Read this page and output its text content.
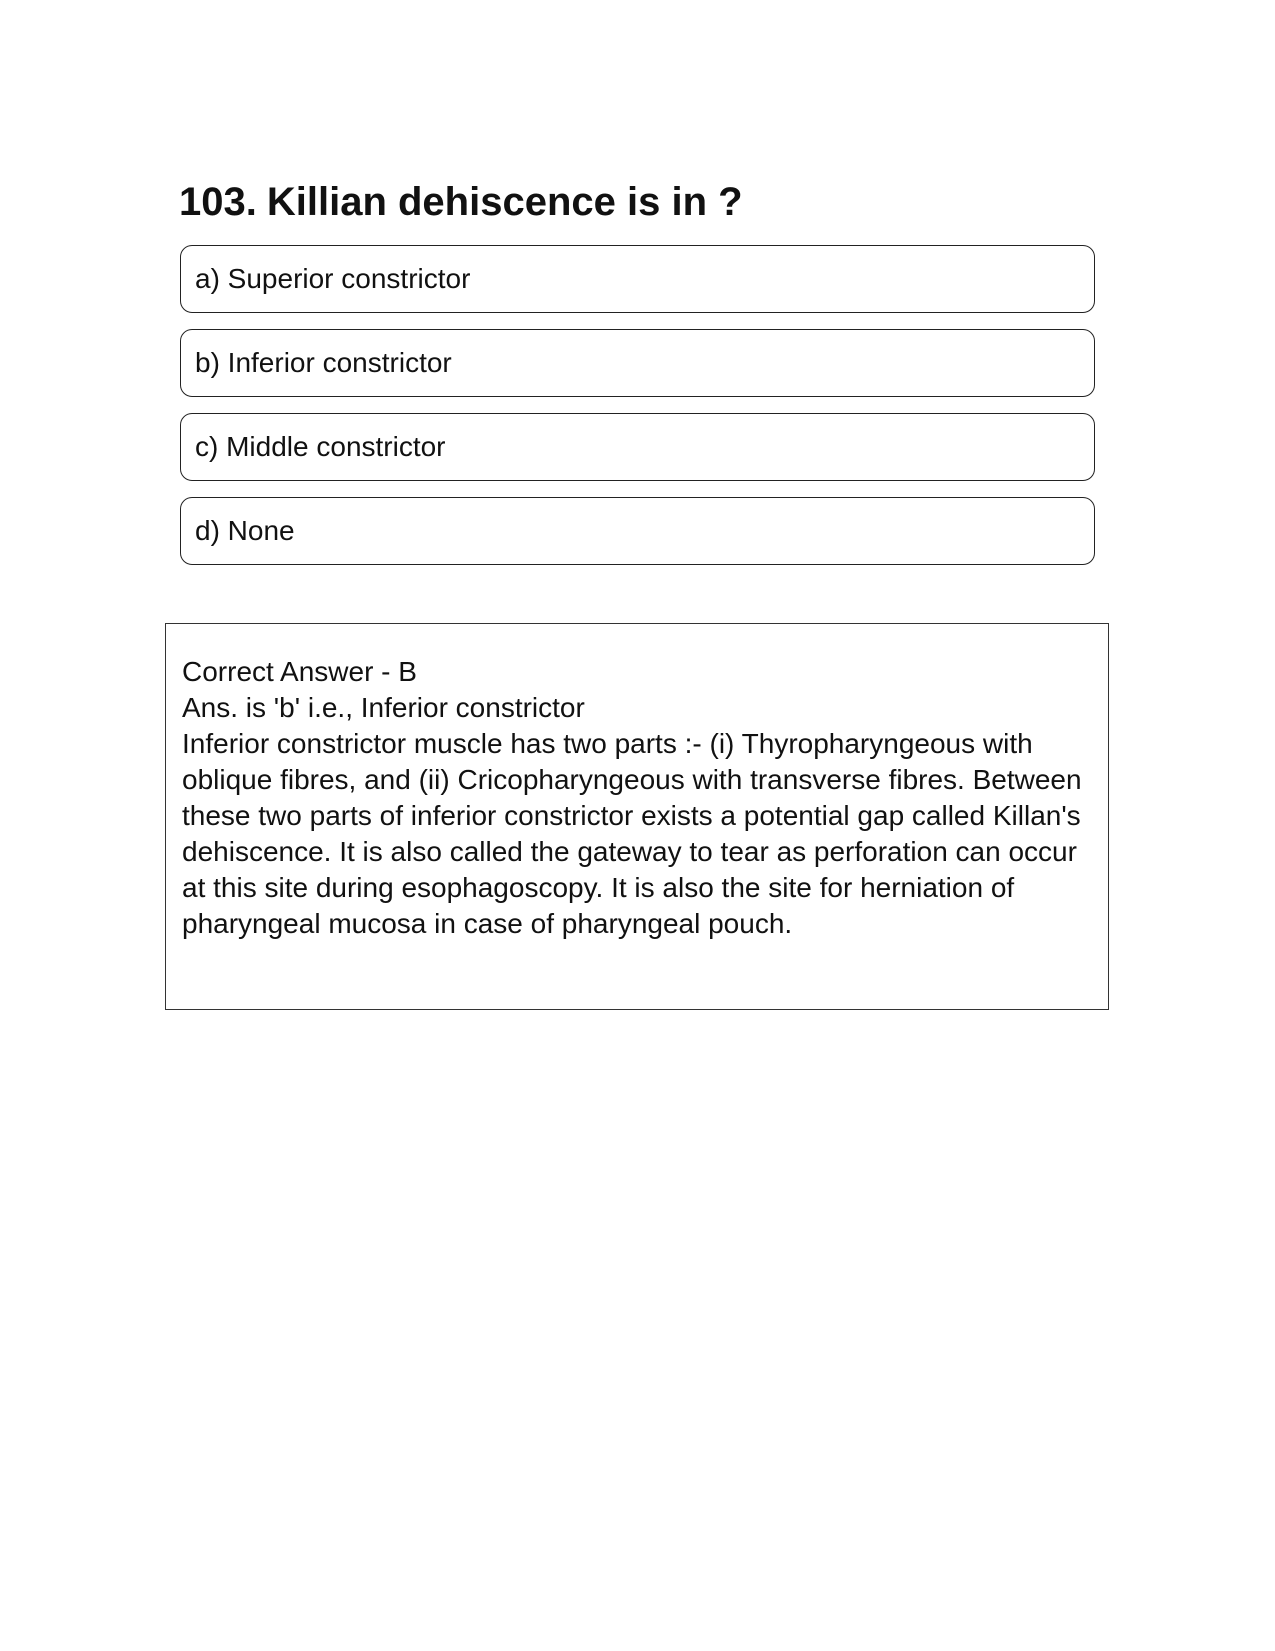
103. Killian dehiscence is in ?
a) Superior constrictor
b) Inferior constrictor
c) Middle constrictor
d) None

Correct Answer - B

Ans. is 'b' i.e., Inferior constrictor

Inferior constrictor muscle has two parts :- (i) Thyropharyngeous with oblique fibres, and (ii) Cricopharyngeous with transverse fibres. Between these two parts of inferior constrictor exists a potential gap called Killan's dehiscence. It is also called the gateway to tear as perforation can occur at this site during esophagoscopy. It is also the site for herniation of pharyngeal mucosa in case of pharyngeal pouch.
